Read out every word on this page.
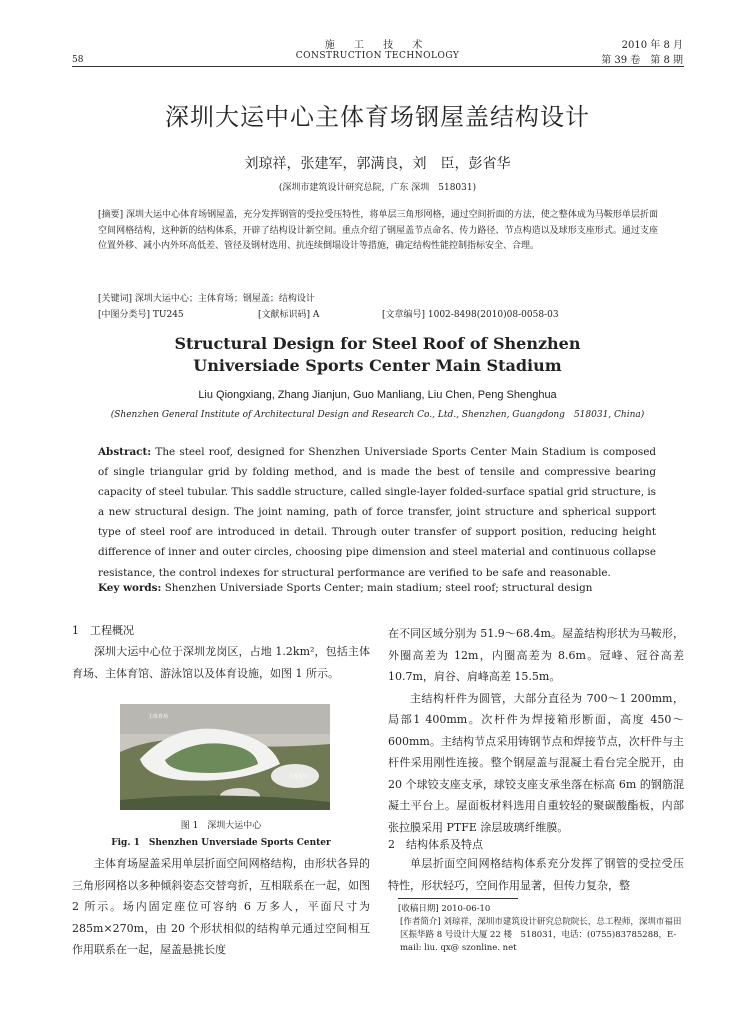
58
施 工 技 术
CONSTRUCTION TECHNOLOGY
2010 年 8 月
第 39 卷　第 8 期
深圳大运中心主体育场钢屋盖结构设计
刘琼祥，张建军，郭满良，刘　臣，彭省华
(深圳市建筑设计研究总院，广东 深圳　518031)
[摘要] 深圳大运中心体育场钢屋盖，充分发挥钢管的受拉受压特性，将单层三角形网格，通过空间折面的方法，使之整体成为马鞍形单层折面空间网格结构，这种新的结构体系，开辟了结构设计新空间。重点介绍了钢屋盖节点命名、传力路径、节点构造以及球形支座形式。通过支座位置外移、减小内外环高低差、管径及钢材选用、抗连续倒塌设计等措施，确定结构性能控制指标安全、合理。
[关键词] 深圳大运中心；主体育场；钢屋盖；结构设计
[中图分类号] TU245	[文献标识码] A	[文章编号] 1002-8498(2010)08-0058-03
Structural Design for Steel Roof of Shenzhen
Universiade Sports Center Main Stadium
Liu Qiongxiang, Zhang Jianjun, Guo Manliang, Liu Chen, Peng Shenghua
(Shenzhen General Institute of Architectural Design and Research Co., Ltd., Shenzhen, Guangdong　518031, China)
Abstract: The steel roof, designed for Shenzhen Universiade Sports Center Main Stadium is composed of single triangular grid by folding method, and is made the best of tensile and compressive bearing capacity of steel tubular. This saddle structure, called single-layer folded-surface spatial grid structure, is a new structural design. The joint naming, path of force transfer, joint structure and spherical support type of steel roof are introduced in detail. Through outer transfer of support position, reducing height difference of inner and outer circles, choosing pipe dimension and steel material and continuous collapse resistance, the control indexes for structural performance are verified to be safe and reasonable.
Key words: Shenzhen Universiade Sports Center; main stadium; steel roof; structural design
1　工程概况

深圳大运中心位于深圳龙岗区，占地 1.2km²，包括主体育场、主体育馆、游泳馆以及体育设施，如图 1 所示。

主体育场
主体育馆
图 1　深圳大运中心
Fig. 1　Shenzhen Unversiade Sports Center

主体育场屋盖采用单层折面空间网格结构，由形状各异的三角形网格以多种倾斜姿态交替弯折，互相联系在一起，如图 2 所示。场内固定座位可容纳 6 万多人，平面尺寸为 285m×270m，由 20 个形状相似的结构单元通过空间相互作用联系在一起，屋盖悬挑长度

在不同区域分别为 51.9～68.4m。屋盖结构形状为马鞍形，外圈高差为 12m，内圈高差为 8.6m。冠峰、冠谷高差 10.7m，肩谷、肩峰高差 15.5m。

主结构杆件为圆管，大部分直径为 700～1 200mm，局部1 400mm。次杆件为焊接箱形断面，高度 450～600mm。主结构节点采用铸钢节点和焊接节点，次杆件与主杆件采用刚性连接。整个钢屋盖与混凝土看台完全脱开，由 20 个球铰支座支承，球铰支座支承坐落在标高 6m 的钢筋混凝土平台上。屋面板材料选用自重较轻的聚碳酸酯板，内部张拉膜采用 PTFE 涂层玻璃纤维膜。

2　结构体系及特点

单层折面空间网格结构体系充分发挥了钢管的受拉受压特性，形状轻巧，空间作用显著，但传力复杂，整

[收稿日期] 2010-06-10

[作者简介] 刘琼祥，深圳市建筑设计研究总院院长，总工程师，深圳市福田区振华路 8 号设计大厦 22 楼　518031，电话：(0755)83785288，E-mail: liu. qx@ szonline. net
